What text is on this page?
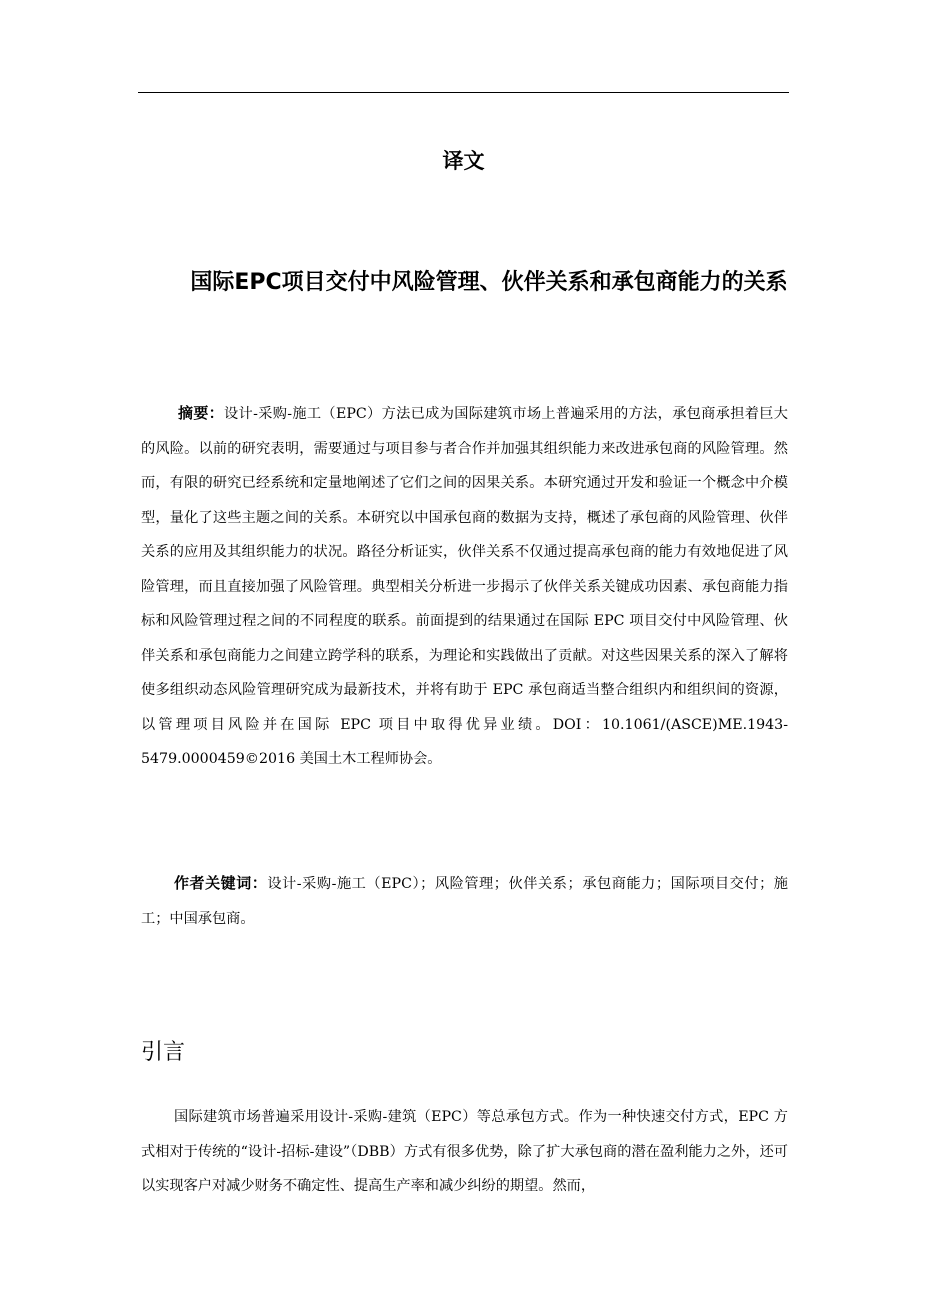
译文
国际EPC项目交付中风险管理、伙伴关系和承包商能力的关系

摘要：设计-采购-施工（EPC）方法已成为国际建筑市场上普遍采用的方法，承包商承担着巨大的风险。以前的研究表明，需要通过与项目参与者合作并加强其组织能力来改进承包商的风险管理。然而，有限的研究已经系统和定量地阐述了它们之间的因果关系。本研究通过开发和验证一个概念中介模型，量化了这些主题之间的关系。本研究以中国承包商的数据为支持，概述了承包商的风险管理、伙伴关系的应用及其组织能力的状况。路径分析证实，伙伴关系不仅通过提高承包商的能力有效地促进了风险管理，而且直接加强了风险管理。典型相关分析进一步揭示了伙伴关系关键成功因素、承包商能力指标和风险管理过程之间的不同程度的联系。前面提到的结果通过在国际 EPC 项目交付中风险管理、伙伴关系和承包商能力之间建立跨学科的联系，为理论和实践做出了贡献。对这些因果关系的深入了解将使多组织动态风险管理研究成为最新技术，并将有助于 EPC 承包商适当整合组织内和组织间的资源，以管理项目风险并在国际 EPC 项目中取得优异业绩。DOI：10.1061/(ASCE)ME.1943-5479.0000459©2016 美国土木工程师协会。

作者关键词：设计-采购-施工（EPC）；风险管理；伙伴关系；承包商能力；国际项目交付；施工；中国承包商。

引言

国际建筑市场普遍采用设计-采购-建筑（EPC）等总承包方式。作为一种快速交付方式，EPC 方式相对于传统的“设计-招标-建设”（DBB）方式有很多优势，除了扩大承包商的潜在盈利能力之外，还可以实现客户对减少财务不确定性、提高生产率和减少纠纷的期望。然而，
